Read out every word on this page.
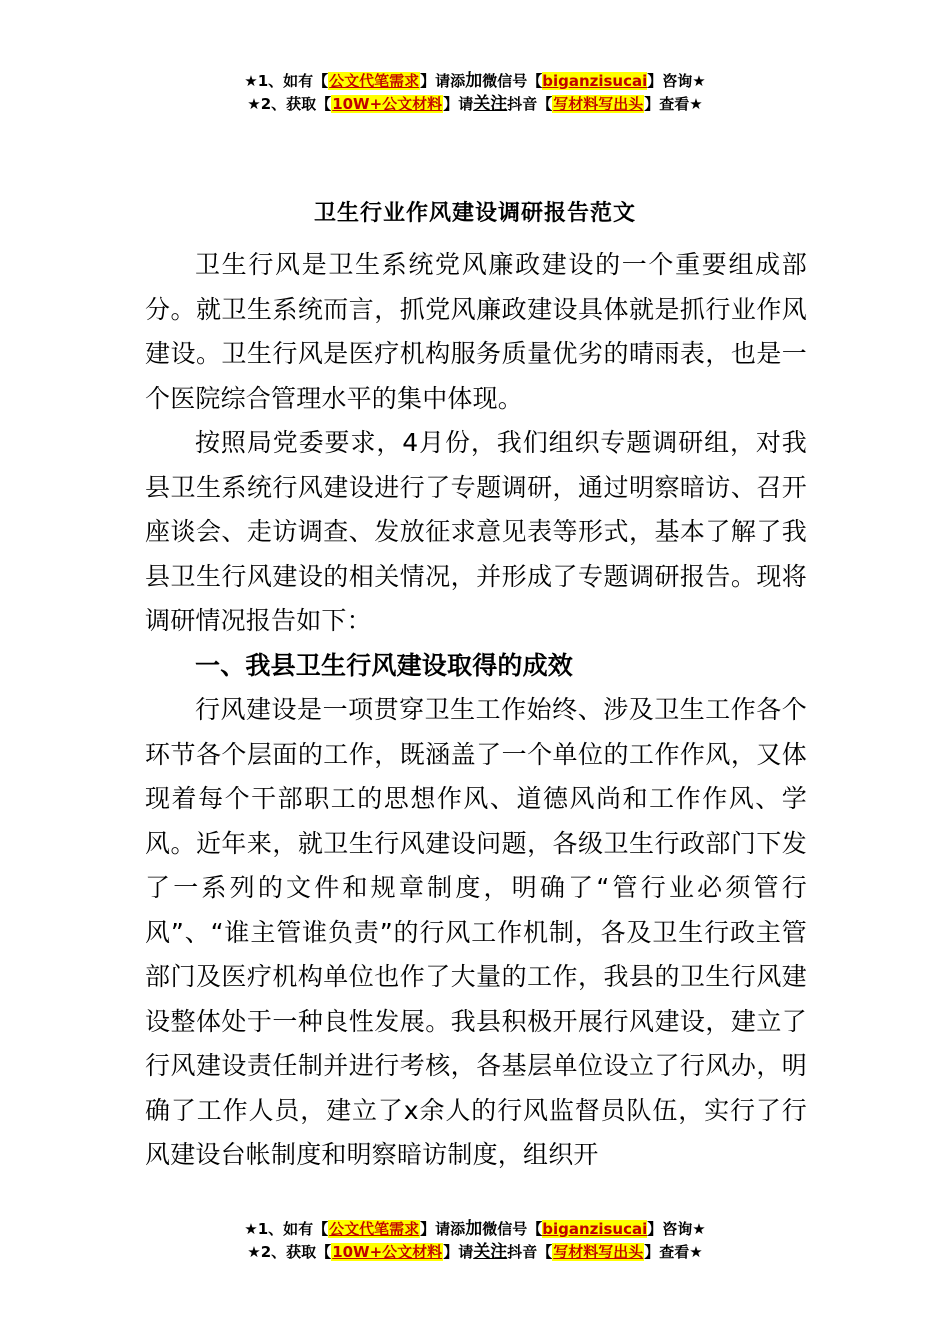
★1、如有【公文代笔需求】请添加微信号【biganzisucai】咨询★
★2、获取【10W+公文材料】请关注抖音【写材料写出头】查看★
卫生行业作风建设调研报告范文

卫生行风是卫生系统党风廉政建设的一个重要组成部分。就卫生系统而言，抓党风廉政建设具体就是抓行业作风建设。卫生行风是医疗机构服务质量优劣的晴雨表，也是一个医院综合管理水平的集中体现。

按照局党委要求，4月份，我们组织专题调研组，对我县卫生系统行风建设进行了专题调研，通过明察暗访、召开座谈会、走访调查、发放征求意见表等形式，基本了解了我县卫生行风建设的相关情况，并形成了专题调研报告。现将调研情况报告如下：

一、我县卫生行风建设取得的成效

行风建设是一项贯穿卫生工作始终、涉及卫生工作各个环节各个层面的工作，既涵盖了一个单位的工作作风，又体现着每个干部职工的思想作风、道德风尚和工作作风、学风。近年来，就卫生行风建设问题，各级卫生行政部门下发了一系列的文件和规章制度，明确了“管行业必须管行风”、“谁主管谁负责”的行风工作机制，各及卫生行政主管部门及医疗机构单位也作了大量的工作，我县的卫生行风建设整体处于一种良性发展。我县积极开展行风建设，建立了行风建设责任制并进行考核，各基层单位设立了行风办，明确了工作人员，建立了x余人的行风监督员队伍，实行了行风建设台帐制度和明察暗访制度，组织开

★1、如有【公文代笔需求】请添加微信号【biganzisucai】咨询★
★2、获取【10W+公文材料】请关注抖音【写材料写出头】查看★
